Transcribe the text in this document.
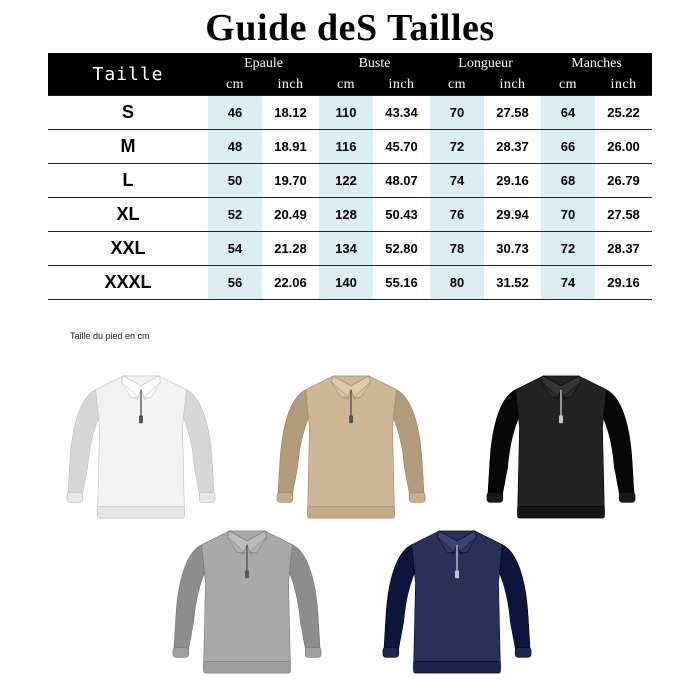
Guide deS Tailles
Taille	Epaule		Buste		Longueur		Manches	
	cm	inch	cm	inch	cm	inch	cm	inch
S	46	18.12	110	43.34	70	27.58	64	25.22
M	48	18.91	116	45.70	72	28.37	66	26.00
L	50	19.70	122	48.07	74	29.16	68	26.79
XL	52	20.49	128	50.43	76	29.94	70	27.58
XXL	54	21.28	134	52.80	78	30.73	72	28.37
XXXL	56	22.06	140	55.16	80	31.52	74	29.16
Taille du pied en cm
